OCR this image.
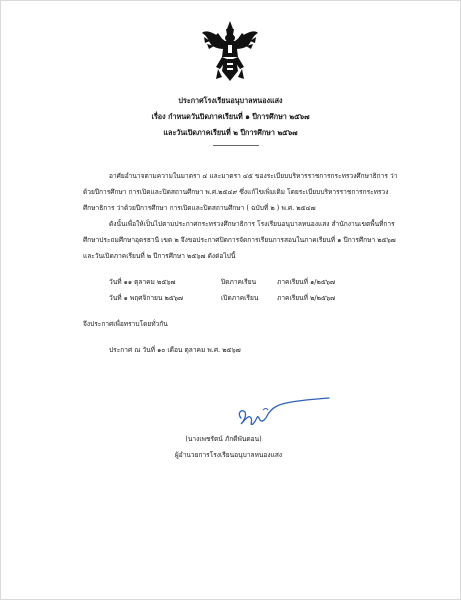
ประกาศโรงเรียนอนุบาลหนองแสง
เรื่อง กำหนดวันปิดภาคเรียนที่ ๑ ปีการศึกษา ๒๕๖๗
และวันเปิดภาคเรียนที่ ๒ ปีการศึกษา ๒๕๖๗

อาศัยอำนาจตามความในมาตรา ๔ และมาตรา ๔๕ ของระเบียบบริหารราชการกระทรวงศึกษาธิการ ว่าด้วยปีการศึกษา การเปิดและปิดสถานศึกษา พ.ศ.๒๕๔๙ ซึ่งแก้ไขเพิ่มเติม โดยระเบียบบริหารราชการกระทรวงศึกษาธิการ ว่าด้วยปีการศึกษา การเปิดและปิดสถานศึกษา ( ฉบับที่ ๒ ) พ.ศ. ๒๕๔๗

ดังนั้นเพื่อให้เป็นไปตามประกาศกระทรวงศึกษาธิการ โรงเรียนอนุบาลหนองแสง สำนักงานเขตพื้นที่การศึกษาประถมศึกษาอุดรธานี เขต ๒ จึงขอประกาศปิดการจัดการเรียนการสอนในภาคเรียนที่ ๑ ปีการศึกษา ๒๕๖๗ และวันเปิดภาคเรียนที่ ๒ ปีการศึกษา ๒๕๖๗ ดังต่อไปนี้

วันที่ ๑๑ ตุลาคม ๒๕๖๗	ปิดภาคเรียน	ภาคเรียนที่ ๑/๒๕๖๗
วันที่ ๑ พฤศจิกายน ๒๕๖๗	เปิดภาคเรียน	ภาคเรียนที่ ๒/๒๕๖๗

จึงประกาศเพื่อทราบโดยทั่วกัน

ประกาศ ณ วันที่ ๑๐ เดือน ตุลาคม พ.ศ. ๒๕๖๗

(นางเพชรัตน์ ภักดีพันดอน)
ผู้อำนวยการโรงเรียนอนุบาลหนองแสง
